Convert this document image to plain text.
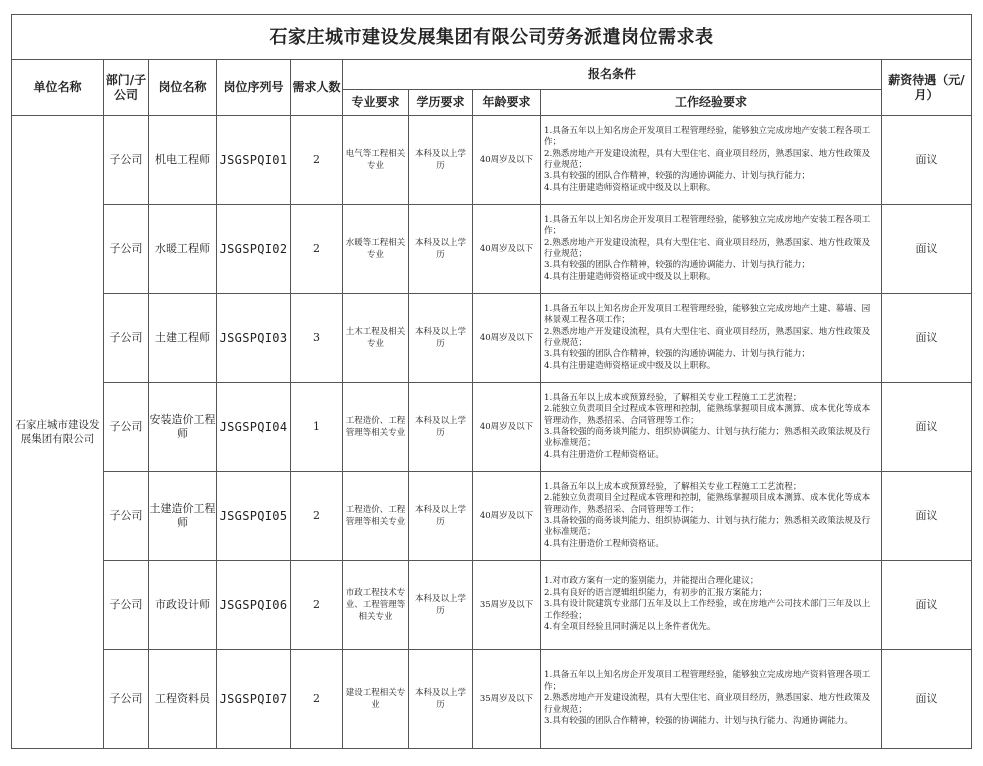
石家庄城市建设发展集团有限公司劳务派遣岗位需求表									
单位名称	部门/子公司	岗位名称	岗位序列号	需求人数	报名条件				薪资待遇（元/月）
					专业要求	学历要求	年龄要求	工作经验要求	
石家庄城市建设发展集团有限公司	子公司	机电工程师	JSGSPQI01	2	电气等工程相关专业	本科及以上学历	40周岁及以下	1.具备五年以上知名房企开发项目工程管理经验，能够独立完成房地产安装工程各项工作；
2.熟悉房地产开发建设流程，具有大型住宅、商业项目经历，熟悉国家、地方性政策及行业规范；
3.具有较强的团队合作精神，较强的沟通协调能力、计划与执行能力；
4.具有注册建造师资格证或中级及以上职称。	面议
	子公司	水暖工程师	JSGSPQI02	2	水暖等工程相关专业	本科及以上学历	40周岁及以下	1.具备五年以上知名房企开发项目工程管理经验，能够独立完成房地产安装工程各项工作；
2.熟悉房地产开发建设流程，具有大型住宅、商业项目经历，熟悉国家、地方性政策及行业规范；
3.具有较强的团队合作精神，较强的沟通协调能力、计划与执行能力；
4.具有注册建造师资格证或中级及以上职称。	面议
	子公司	土建工程师	JSGSPQI03	3	土木工程及相关专业	本科及以上学历	40周岁及以下	1.具备五年以上知名房企开发项目工程管理经验，能够独立完成房地产土建、幕墙、园林景观工程各项工作；
2.熟悉房地产开发建设流程，具有大型住宅、商业项目经历，熟悉国家、地方性政策及行业规范；
3.具有较强的团队合作精神，较强的沟通协调能力、计划与执行能力；
4.具有注册建造师资格证或中级及以上职称。	面议
	子公司	安装造价工程师	JSGSPQI04	1	工程造价、工程管理等相关专业	本科及以上学历	40周岁及以下	1.具备五年以上成本或预算经验，了解相关专业工程施工工艺流程；
2.能独立负责项目全过程成本管理和控制，能熟练掌握项目成本测算、成本优化等成本管理动作，熟悉招采、合同管理等工作；
3.具备较强的商务谈判能力、组织协调能力、计划与执行能力；熟悉相关政策法规及行业标准规范；
4.具有注册造价工程师资格证。	面议
	子公司	土建造价工程师	JSGSPQI05	2	工程造价、工程管理等相关专业	本科及以上学历	40周岁及以下	1.具备五年以上成本或预算经验，了解相关专业工程施工工艺流程；
2.能独立负责项目全过程成本管理和控制，能熟练掌握项目成本测算、成本优化等成本管理动作，熟悉招采、合同管理等工作；
3.具备较强的商务谈判能力、组织协调能力、计划与执行能力；熟悉相关政策法规及行业标准规范；
4.具有注册造价工程师资格证。	面议
	子公司	市政设计师	JSGSPQI06	2	市政工程技术专业、工程管理等相关专业	本科及以上学历	35周岁及以下	1.对市政方案有一定的鉴别能力，并能提出合理化建议；
2.具有良好的语言逻辑组织能力，有初步的汇报方案能力；
3.具有设计院建筑专业部门五年及以上工作经验，或在房地产公司技术部门三年及以上工作经验；
4.有全项目经验且同时满足以上条件者优先。	面议
	子公司	工程资料员	JSGSPQI07	2	建设工程相关专业	本科及以上学历	35周岁及以下	1.具备五年以上知名房企开发项目工程管理经验，能够独立完成房地产资料管理各项工作；
2.熟悉房地产开发建设流程，具有大型住宅、商业项目经历，熟悉国家、地方性政策及行业规范；
3.具有较强的团队合作精神，较强的协调能力、计划与执行能力、沟通协调能力。	面议
